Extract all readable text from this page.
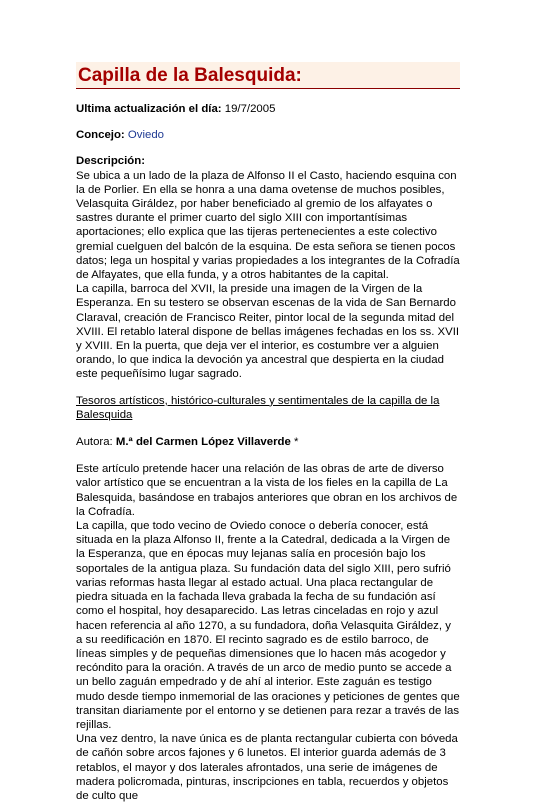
Capilla de la Balesquida:
Ultima actualización el día: 19/7/2005
Concejo: Oviedo
Descripción:

Se ubica a un lado de la plaza de Alfonso II el Casto, haciendo esquina con la de Porlier. En ella se honra a una dama ovetense de muchos posibles, Velasquita Giráldez, por haber beneficiado al gremio de los alfayates o sastres durante el primer cuarto del siglo XIII con importantísimas aportaciones; ello explica que las tijeras pertenecientes a este colectivo gremial cuelguen del balcón de la esquina. De esta señora se tienen pocos datos; lega un hospital y varias propiedades a los integrantes de la Cofradía de Alfayates, que ella funda, y a otros habitantes de la capital.

La capilla, barroca del XVII, la preside una imagen de la Virgen de la Esperanza. En su testero se observan escenas de la vida de San Bernardo Claraval, creación de Francisco Reiter, pintor local de la segunda mitad del XVIII. El retablo lateral dispone de bellas imágenes fechadas en los ss. XVII y XVIII. En la puerta, que deja ver el interior, es costumbre ver a alguien orando, lo que indica la devoción ya ancestral que despierta en la ciudad este pequeñísimo lugar sagrado.

Tesoros artísticos, histórico-culturales y sentimentales de la capilla de la Balesquida
Autora: M.ª del Carmen López Villaverde *

Este artículo pretende hacer una relación de las obras de arte de diverso valor artístico que se encuentran a la vista de los fieles en la capilla de La Balesquida, basándose en trabajos anteriores que obran en los archivos de la Cofradía.

La capilla, que todo vecino de Oviedo conoce o debería conocer, está situada en la plaza Alfonso II, frente a la Catedral, dedicada a la Virgen de la Esperanza, que en épocas muy lejanas salía en procesión bajo los soportales de la antigua plaza. Su fundación data del siglo XIII, pero sufrió varias reformas hasta llegar al estado actual. Una placa rectangular de piedra situada en la fachada lleva grabada la fecha de su fundación así como el hospital, hoy desaparecido. Las letras cinceladas en rojo y azul hacen referencia al año 1270, a su fundadora, doña Velasquita Giráldez, y a su reedificación en 1870. El recinto sagrado es de estilo barroco, de líneas simples y de pequeñas dimensiones que lo hacen más acogedor y recóndito para la oración. A través de un arco de medio punto se accede a un bello zaguán empedrado y de ahí al interior. Este zaguán es testigo mudo desde tiempo inmemorial de las oraciones y peticiones de gentes que transitan diariamente por el entorno y se detienen para rezar a través de las rejillas.

Una vez dentro, la nave única es de planta rectangular cubierta con bóveda de cañón sobre arcos fajones y 6 lunetos. El interior guarda además de 3 retablos, el mayor y dos laterales afrontados, una serie de imágenes de madera policromada, pinturas, inscripciones en tabla, recuerdos y objetos de culto que
